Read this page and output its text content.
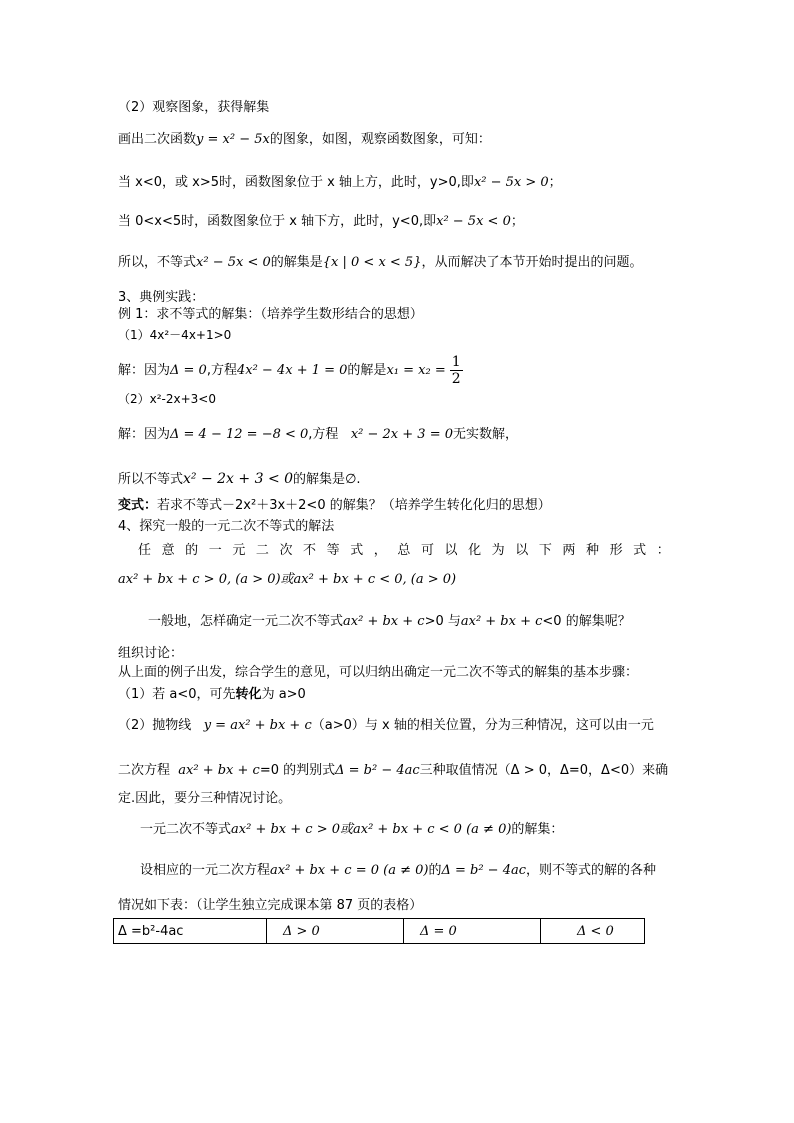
（2）观察图象，获得解集
画出二次函数y = x² − 5x的图象，如图，观察函数图象，可知：
当 x<0，或 x>5时，函数图象位于 x 轴上方，此时，y>0,即x² − 5x > 0；
当 0<x<5时，函数图象位于 x 轴下方，此时，y<0,即x² − 5x < 0；
所以，不等式x² − 5x < 0的解集是{x | 0 < x < 5}，从而解决了本节开始时提出的问题。
3、典例实践：
例 1：求不等式的解集：（培养学生数形结合的思想）
（1）4x²－4x+1>0
解：因为Δ = 0,方程4x² − 4x + 1 = 0的解是$x_1 = x_2 = \frac{1}{2}$
（2）x²-2x+3<0
解：因为Δ = 4 − 12 = −8 < 0,方程 x² − 2x + 3 = 0无实数解，
所以不等式x² − 2x + 3 < 0的解集是∅.
变式：若求不等式－2x²＋3x＋2<0 的解集？（培养学生转化化归的思想）
4、探究一般的一元二次不等式的解法
任 意 的 一 元 二 次 不 等 式 ， 总 可 以 化 为 以 下 两 种 形 式 ：
ax² + bx + c > 0, (a > 0)或ax² + bx + c < 0, (a > 0)
一般地，怎样确定一元二次不等式ax² + bx + c>0 与ax² + bx + c<0 的解集呢？
组织讨论：
从上面的例子出发，综合学生的意见，可以归纳出确定一元二次不等式的解集的基本步骤：
（1）若 a<0，可先转化为 a>0
（2）抛物线 y = ax² + bx + c（a>0）与 x 轴的相关位置，分为三种情况，这可以由一元
二次方程 ax² + bx + c=0 的判别式Δ = b² − 4ac三种取值情况（Δ > 0，Δ=0，Δ<0）来确
定.因此，要分三种情况讨论。
一元二次不等式ax² + bx + c > 0或ax² + bx + c < 0 (a ≠ 0)的解集：
设相应的一元二次方程ax² + bx + c = 0 (a ≠ 0)的Δ = b² − 4ac，则不等式的解的各种
情况如下表：（让学生独立完成课本第 87 页的表格）
Δ =b²-4ac	Δ > 0	Δ = 0	Δ < 0
